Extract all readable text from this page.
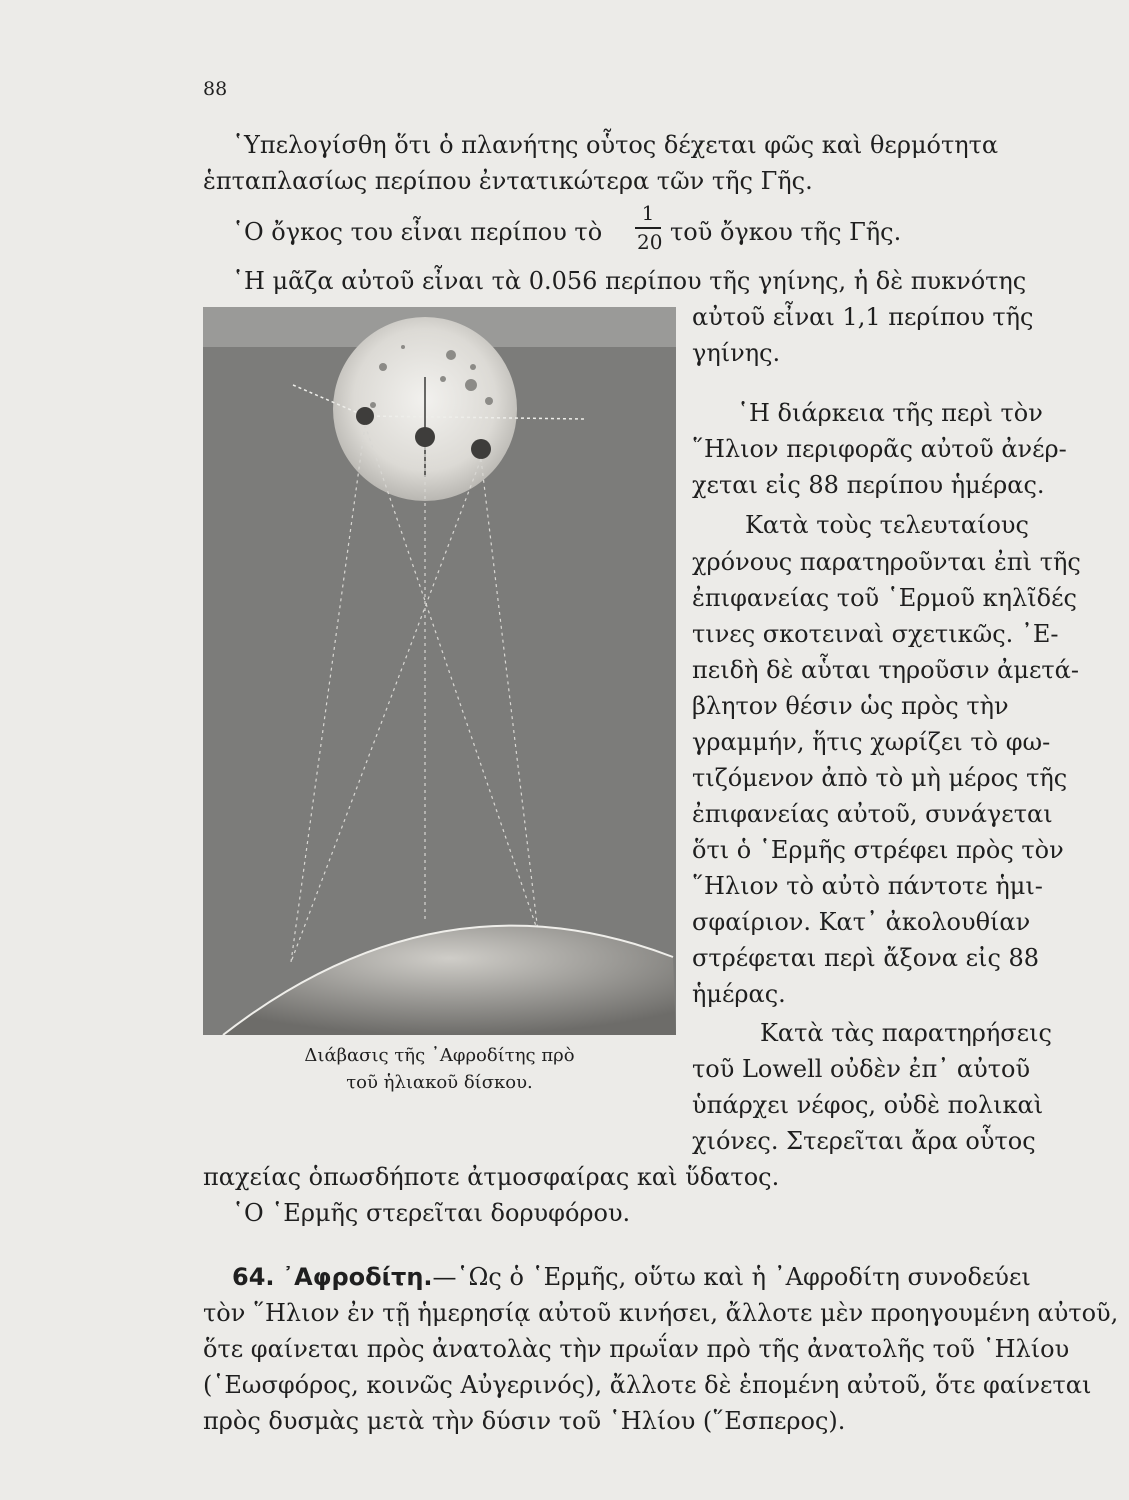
88
῾Υπελογίσθη ὅτι ὁ πλανήτης οὗτος δέχεται φῶς καὶ θερμότητα
ἑπταπλασίως περίπου ἐντατικώτερα τῶν τῆς Γῆς.
῾Ο ὄγκος του εἶναι περίπου τὸ
1
20 τοῦ ὄγκου τῆς Γῆς.
῾Η μᾶζα αὐτοῦ εἶναι τὰ 0.056 περίπου τῆς γηίνης, ἡ δὲ πυκνότης
Διάβασις τῆς ᾿Αφροδίτης πρὸ
τοῦ ἡλιακοῦ δίσκου.
αὐτοῦ εἶναι 1,1 περίπου τῆς
γηίνης.
῾Η διάρκεια τῆς περὶ τὸν
῞Ηλιον περιφορᾶς αὐτοῦ ἀνέρ-
χεται εἰς 88 περίπου ἡμέρας.
Κατὰ τοὺς τελευταίους
χρόνους παρατηροῦνται ἐπὶ τῆς
ἐπιφανείας τοῦ ῾Ερμοῦ κηλῖδές
τινες σκοτειναὶ σχετικῶς. ᾿Ε-
πειδὴ δὲ αὗται τηροῦσιν ἀμετά-
βλητον θέσιν ὡς πρὸς τὴν
γραμμήν, ἥτις χωρίζει τὸ φω-
τιζόμενον ἀπὸ τὸ μὴ μέρος τῆς
ἐπιφανείας αὐτοῦ, συνάγεται
ὅτι ὁ ῾Ερμῆς στρέφει πρὸς τὸν
῞Ηλιον τὸ αὐτὸ πάντοτε ἡμι-
σφαίριον. Κατ᾿ ἀκολουθίαν
στρέφεται περὶ ἄξονα εἰς 88
ἡμέρας.
Κατὰ τὰς παρατηρήσεις
τοῦ Lowell οὐδὲν ἐπ᾿ αὐτοῦ
ὑπάρχει νέφος, οὐδὲ πολικαὶ
χιόνες. Στερεῖται ἄρα οὗτος
παχείας ὁπωσδήποτε ἀτμοσφαίρας καὶ ὕδατος.
῾Ο ῾Ερμῆς στερεῖται δορυφόρου.
64. ᾿Αφροδίτη.—῾Ως ὁ ῾Ερμῆς, οὕτω καὶ ἡ ᾿Αφροδίτη συνοδεύει
τὸν ῞Ηλιον ἐν τῇ ἡμερησίᾳ αὐτοῦ κινήσει, ἄλλοτε μὲν προηγουμένη αὐτοῦ,
ὅτε φαίνεται πρὸς ἀνατολὰς τὴν πρωΐαν πρὸ τῆς ἀνατολῆς τοῦ ῾Ηλίου
(῾Εωσφόρος, κοινῶς Αὐγερινός), ἄλλοτε δὲ ἑπομένη αὐτοῦ, ὅτε φαίνεται
πρὸς δυσμὰς μετὰ τὴν δύσιν τοῦ ῾Ηλίου (῞Εσπερος).
